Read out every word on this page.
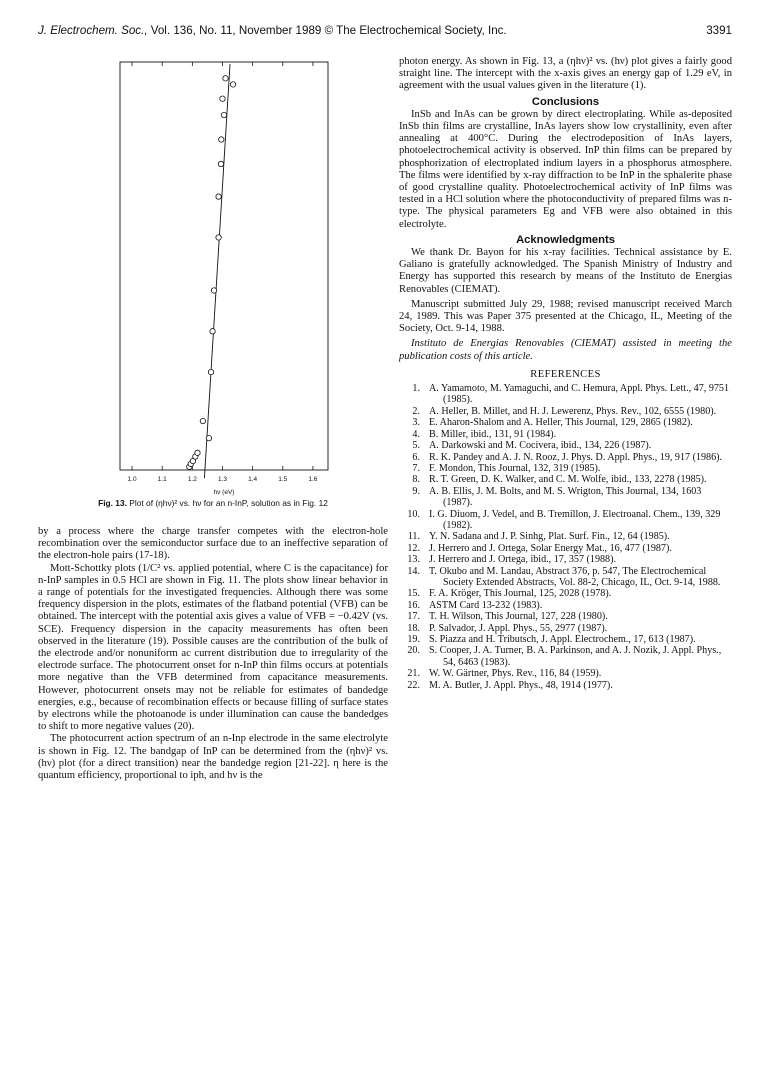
J. Electrochem. Soc., Vol. 136, No. 11, November 1989 © The Electrochemical Society, Inc.	3391
1.0	1.1	1.2	1.3	1.4	1.5	1.6
hν (eV)
Fig. 13. Plot of (ηhν)² vs. hν for an n-InP, solution as in Fig. 12

by a process where the charge transfer competes with the electron-hole recombination over the semiconductor surface due to an ineffective separation of the electron-hole pairs (17-18).

Mott-Schottky plots (1/C² vs. applied potential, where C is the capacitance) for n-InP samples in 0.5 HCl are shown in Fig. 11. The plots show linear behavior in a range of potentials for the investigated frequencies. Although there was some frequency dispersion in the plots, estimates of the flatband potential (VFB) can be obtained. The intercept with the potential axis gives a value of VFB = −0.42V (vs. SCE). Frequency dispersion in the capacity measurements has often been observed in the literature (19). Possible causes are the contribution of the bulk of the electrode and/or nonuniform ac current distribution due to irregularity of the electrode surface. The photocurrent onset for n-InP thin films occurs at potentials more negative than the VFB determined from capacitance measurements. However, photocurrent onsets may not be reliable for estimates of bandedge energies, e.g., because of recombination effects or because filling of surface states by electrons while the photoanode is under illumination can cause the bandedges to shift to more negative values (20).

The photocurrent action spectrum of an n-Inp electrode in the same electrolyte is shown in Fig. 12. The bandgap of InP can be determined from the (ηhν)² vs. (hν) plot (for a direct transition) near the bandedge region [21-22]. η here is the quantum efficiency, proportional to iph, and hν is the

photon energy. As shown in Fig. 13, a (ηhν)² vs. (hν) plot gives a fairly good straight line. The intercept with the x-axis gives an energy gap of 1.29 eV, in agreement with the usual values given in the literature (1).

Conclusions

InSb and InAs can be grown by direct electroplating. While as-deposited InSb thin films are crystalline, InAs layers show low crystallinity, even after annealing at 400°C. During the electrodeposition of InAs layers, photoelectrochemical activity is observed. InP thin films can be prepared by phosphorization of electroplated indium layers in a phosphorus atmosphere. The films were identified by x-ray diffraction to be InP in the sphalerite phase of good crystalline quality. Photoelectrochemical activity of InP films was tested in a HCl solution where the photoconductivity of prepared films was n-type. The physical parameters Eg and VFB were also obtained in this electrolyte.

Acknowledgments

We thank Dr. Bayon for his x-ray facilities. Technical assistance by E. Galiano is gratefully acknowledged. The Spanish Ministry of Industry and Energy has supported this research by means of the Instituto de Energias Renovables (CIEMAT).

Manuscript submitted July 29, 1988; revised manuscript received March 24, 1989. This was Paper 375 presented at the Chicago, IL, Meeting of the Society, Oct. 9-14, 1988.

Instituto de Energias Renovables (CIEMAT) assisted in meeting the publication costs of this article.

REFERENCES
1. A. Yamamoto, M. Yamaguchi, and C. Hemura, Appl. Phys. Lett., 47, 9751 (1985).
2. A. Heller, B. Millet, and H. J. Lewerenz, Phys. Rev., 102, 6555 (1980).
3. E. Aharon-Shalom and A. Heller, This Journal, 129, 2865 (1982).
4. B. Miller, ibid., 131, 91 (1984).
5. A. Darkowski and M. Cocivera, ibid., 134, 226 (1987).
6. R. K. Pandey and A. J. N. Rooz, J. Phys. D. Appl. Phys., 19, 917 (1986).
7. F. Mondon, This Journal, 132, 319 (1985).
8. R. T. Green, D. K. Walker, and C. M. Wolfe, ibid., 133, 2278 (1985).
9. A. B. Ellis, J. M. Bolts, and M. S. Wrigton, This Journal, 134, 1603 (1987).
10. I. G. Diuom, J. Vedel, and B. Tremillon, J. Electroanal. Chem., 139, 329 (1982).
11. Y. N. Sadana and J. P. Sinhg, Plat. Surf. Fin., 12, 64 (1985).
12. J. Herrero and J. Ortega, Solar Energy Mat., 16, 477 (1987).
13. J. Herrero and J. Ortega, ibid., 17, 357 (1988).
14. T. Okubo and M. Landau, Abstract 376, p. 547, The Electrochemical Society Extended Abstracts, Vol. 88-2, Chicago, IL, Oct. 9-14, 1988.
15. F. A. Kröger, This Journal, 125, 2028 (1978).
16. ASTM Card 13-232 (1983).
17. T. H. Wilson, This Journal, 127, 228 (1980).
18. P. Salvador, J. Appl. Phys., 55, 2977 (1987).
19. S. Piazza and H. Tributsch, J. Appl. Electrochem., 17, 613 (1987).
20. S. Cooper, J. A. Turner, B. A. Parkinson, and A. J. Nozik, J. Appl. Phys., 54, 6463 (1983).
21. W. W. Gärtner, Phys. Rev., 116, 84 (1959).
22. M. A. Butler, J. Appl. Phys., 48, 1914 (1977).
